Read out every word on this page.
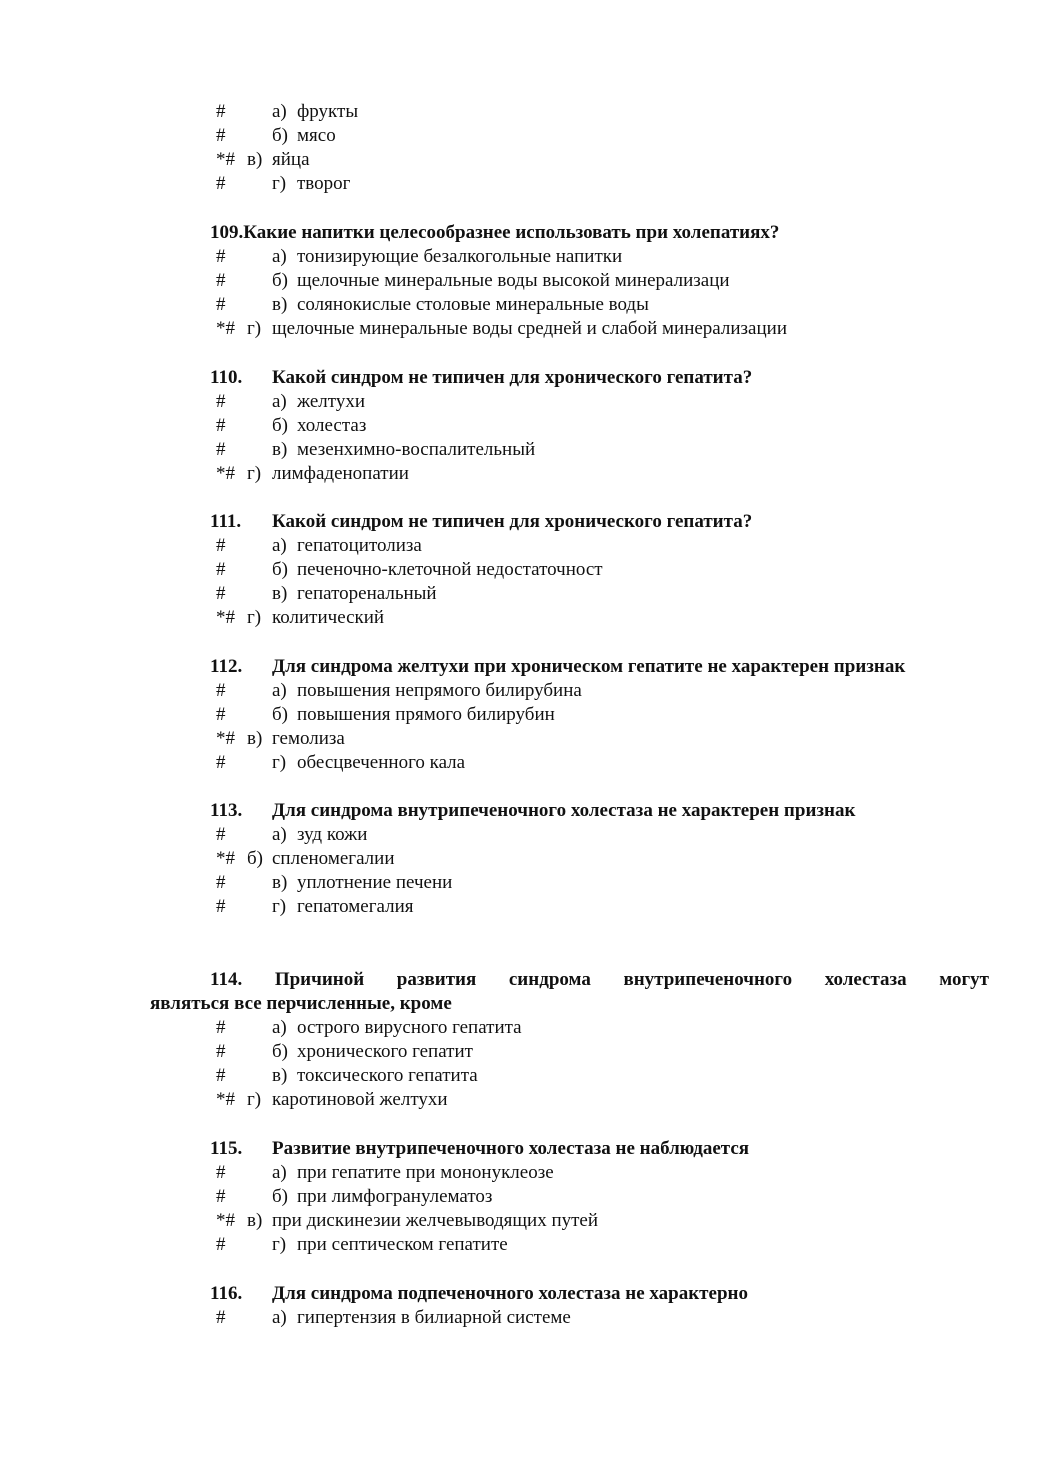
#	а) фрукты
#	б) мясо
*# в) яйца
#	г) творог
109.Какие напитки целесообразнее использовать при холепатиях?
#	а) тонизирующие безалкогольные напитки
#	б) щелочные минеральные воды высокой минерализаци
#	в) солянокислые столовые минеральные воды
*# г) щелочные минеральные воды средней и слабой минерализации
110. Какой синдром не типичен для хронического гепатита?
#	а) желтухи
#	б) холестаз
#	в) мезенхимно-воспалительный
*# г) лимфаденопатии
111. Какой синдром не типичен для хронического гепатита?
#	а) гепатоцитолиза
#	б) печеночно-клеточной недостаточност
#	в) гепаторенальный
*# г) колитический
112. Для синдрома желтухи при хроническом гепатите не характерен признак
#	а) повышения непрямого билирубина
#	б) повышения прямого билирубин
*# в) гемолиза
#	г) обесцвеченного кала
113. Для синдрома внутрипеченочного холестаза не характерен признак
#	а) зуд кожи
*# б) спленомегалии
#	в) уплотнение печени
#	г) гепатомегалия
114. Причиной развития синдрома внутрипеченочного холестаза могут
являться все перчисленные, кроме
#	а) острого вирусного гепатита
#	б) хронического гепатит
#	в) токсического гепатита
*# г) каротиновой желтухи
115. Развитие внутрипеченочного холестаза не наблюдается
#	а) при гепатите при мононуклеозе
#	б) при лимфогранулематоз
*# в) при дискинезии желчевыводящих путей
#	г) при септическом гепатите
116. Для синдрома подпеченочного холестаза не характерно
#	а) гипертензия в билиарной системе
